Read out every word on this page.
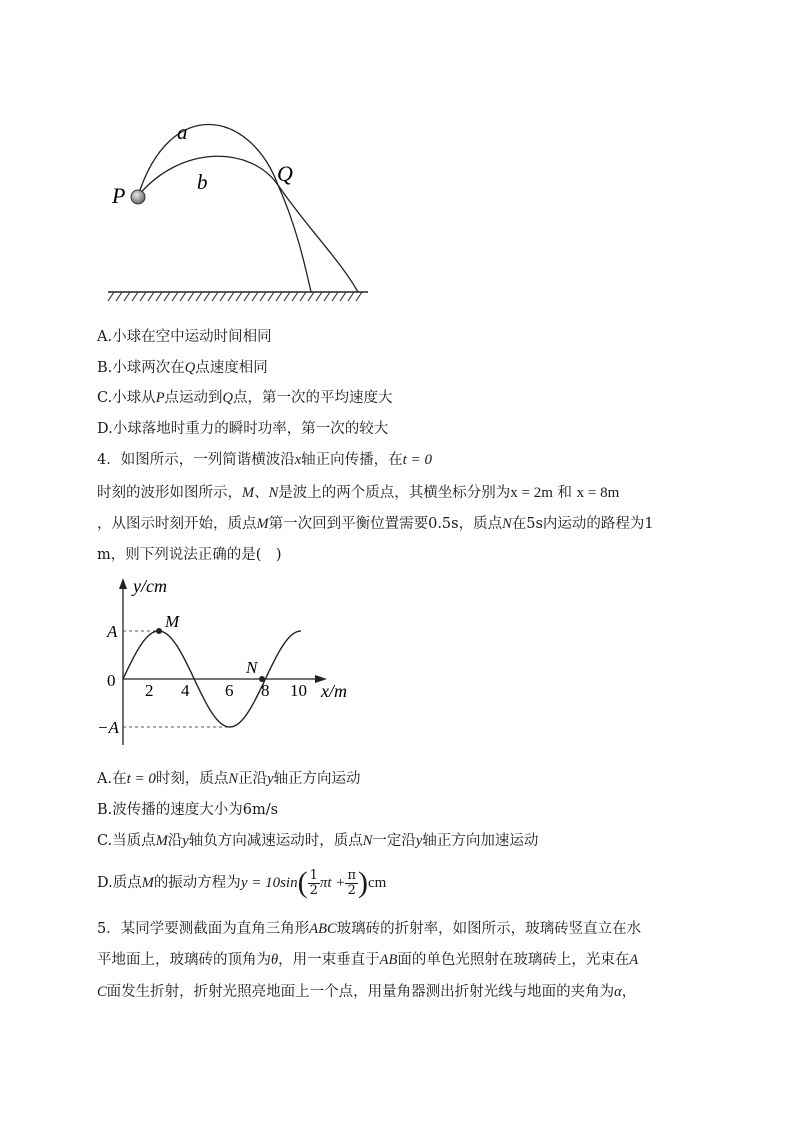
a
b
P
Q
A.小球在空中运动时间相同
B.小球两次在Q点速度相同
C.小球从P点运动到Q点，第一次的平均速度大
D.小球落地时重力的瞬时功率，第一次的较大
4．如图所示，一列简谐横波沿x轴正向传播，在t = 0
时刻的波形如图所示，M、N是波上的两个质点，其横坐标分别为x = 2m 和 x = 8m
，从图示时刻开始，质点M第一次回到平衡位置需要0.5s，质点N在5s内运动的路程为1
m，则下列说法正确的是(　)
y/cm
x/m
A
−A
0
2 4 6 8 10
M
N
A.在t = 0时刻，质点N正沿y轴正方向运动
B.波传播的速度大小为6m/s
C.当质点M沿y轴负方向减速运动时，质点N一定沿y轴正方向加速运动
D.质点M的振动方程为$y = 10\sin( \frac{1}{2}$ $\pi t + \frac{\pi}{2} )cm$
5．某同学要测截面为直角三角形ABC玻璃砖的折射率，如图所示，玻璃砖竖直立在水
平地面上，玻璃砖的顶角为θ，用一束垂直于AB面的单色光照射在玻璃砖上，光束在A
C面发生折射，折射光照亮地面上一个点，用量角器测出折射光线与地面的夹角为α，
